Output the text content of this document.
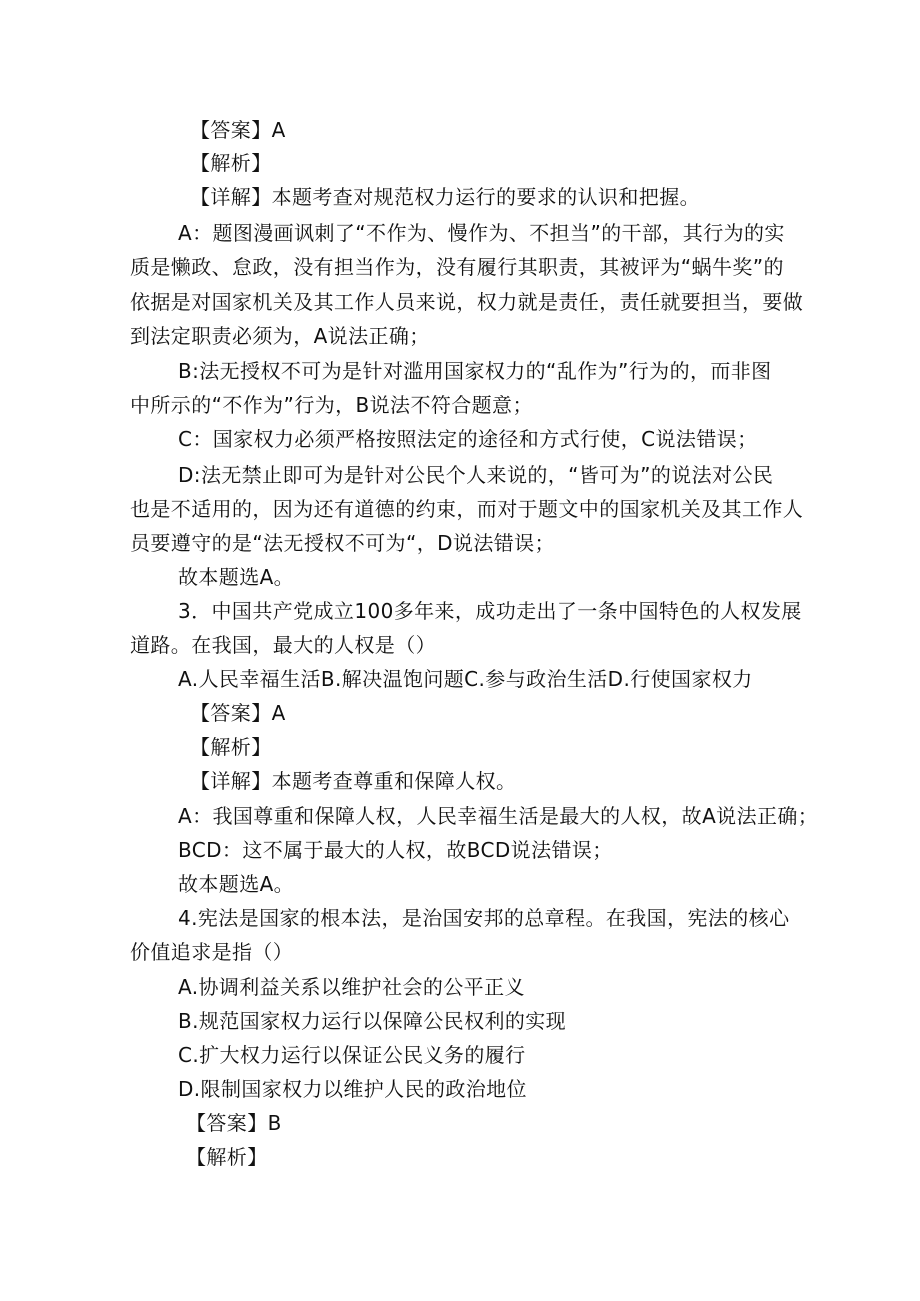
【答案】A
【解析】
【详解】本题考查对规范权力运行的要求的认识和把握。
A：题图漫画讽刺了“不作为、慢作为、不担当”的干部，其行为的实
质是懒政、怠政，没有担当作为，没有履行其职责，其被评为“蜗牛奖”的
依据是对国家机关及其工作人员来说，权力就是责任，责任就要担当，要做
到法定职责必须为，A说法正确；
B:法无授权不可为是针对滥用国家权力的“乱作为”行为的，而非图
中所示的“不作为”行为，B说法不符合题意；
C：国家权力必须严格按照法定的途径和方式行使，C说法错误；
D:法无禁止即可为是针对公民个人来说的，“皆可为”的说法对公民
也是不适用的，因为还有道德的约束，而对于题文中的国家机关及其工作人
员要遵守的是“法无授权不可为“，D说法错误；
故本题选A。
3．中国共产党成立100多年来，成功走出了一条中国特色的人权发展
道路。在我国，最大的人权是（）
A.人民幸福生活B.解决温饱问题C.参与政治生活D.行使国家权力
【答案】A
【解析】
【详解】本题考查尊重和保障人权。
A：我国尊重和保障人权，人民幸福生活是最大的人权，故A说法正确；
BCD：这不属于最大的人权，故BCD说法错误；
故本题选A。
4.宪法是国家的根本法，是治国安邦的总章程。在我国，宪法的核心
价值追求是指（）
A.协调利益关系以维护社会的公平正义
B.规范国家权力运行以保障公民权利的实现
C.扩大权力运行以保证公民义务的履行
D.限制国家权力以维护人民的政治地位
【答案】B
【解析】
